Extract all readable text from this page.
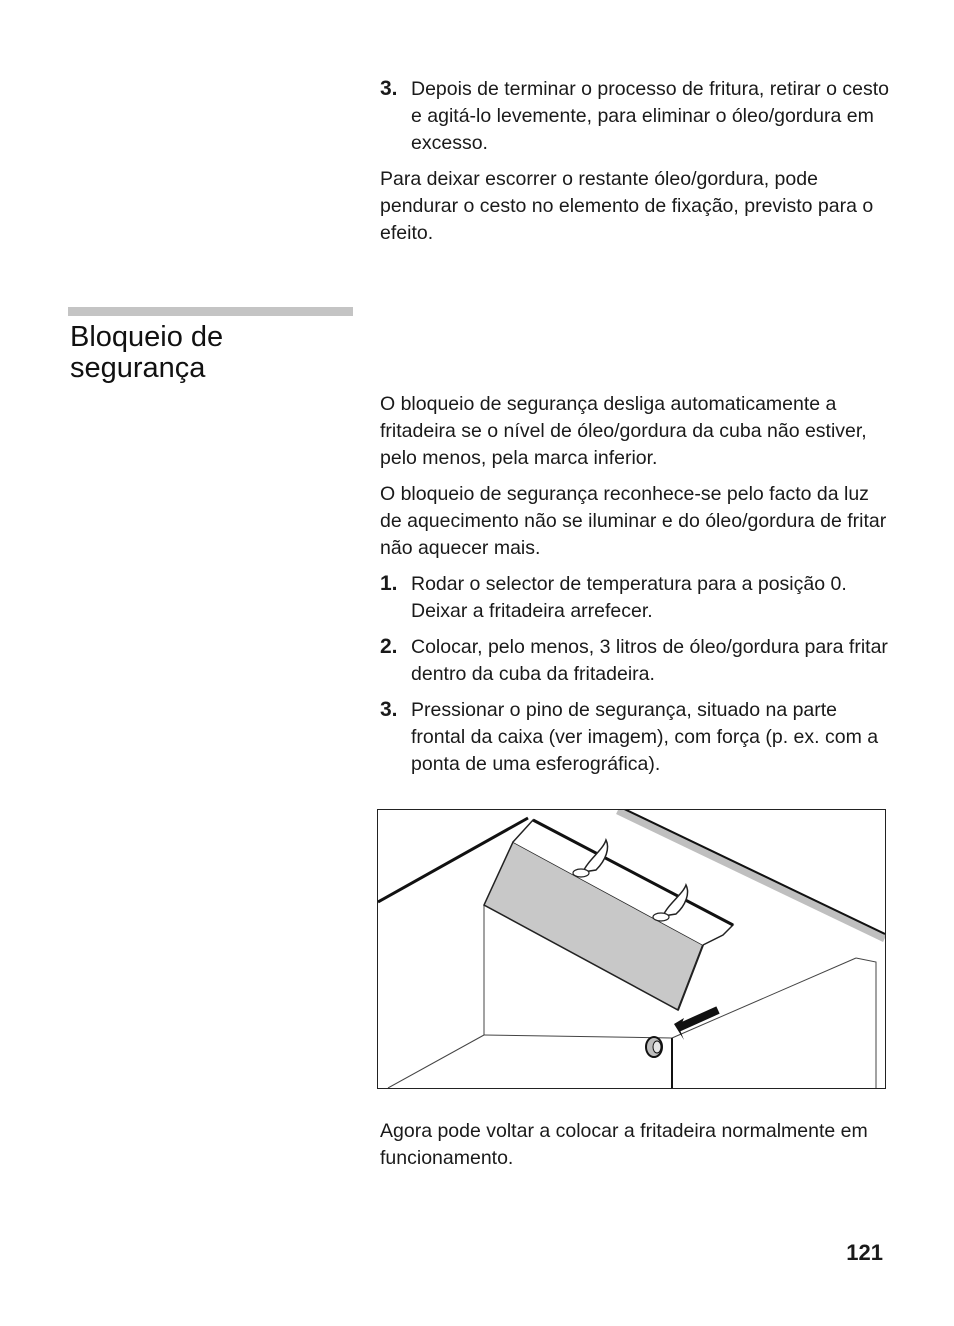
3. Depois de terminar o processo de fritura, retirar o cesto e agitá-lo levemente, para eliminar o óleo/gordura em excesso.

Para deixar escorrer o restante óleo/gordura, pode pendurar o cesto no elemento de fixação, previsto para o efeito.

Bloqueio de segurança

O bloqueio de segurança desliga automaticamente a fritadeira se o nível de óleo/gordura da cuba não estiver, pelo menos, pela marca inferior.

O bloqueio de segurança reconhece-se pelo facto da luz de aquecimento não se iluminar e do óleo/gordura de fritar não aquecer mais.

1. Rodar o selector de temperatura para a posição 0. Deixar a fritadeira arrefecer.
2. Colocar, pelo menos, 3 litros de óleo/gordura para fritar dentro da cuba da fritadeira.
3. Pressionar o pino de segurança, situado na parte frontal da caixa (ver imagem), com força (p. ex. com a ponta de uma esferográfica).

Agora pode voltar a colocar a fritadeira normalmente em funcionamento.

121
